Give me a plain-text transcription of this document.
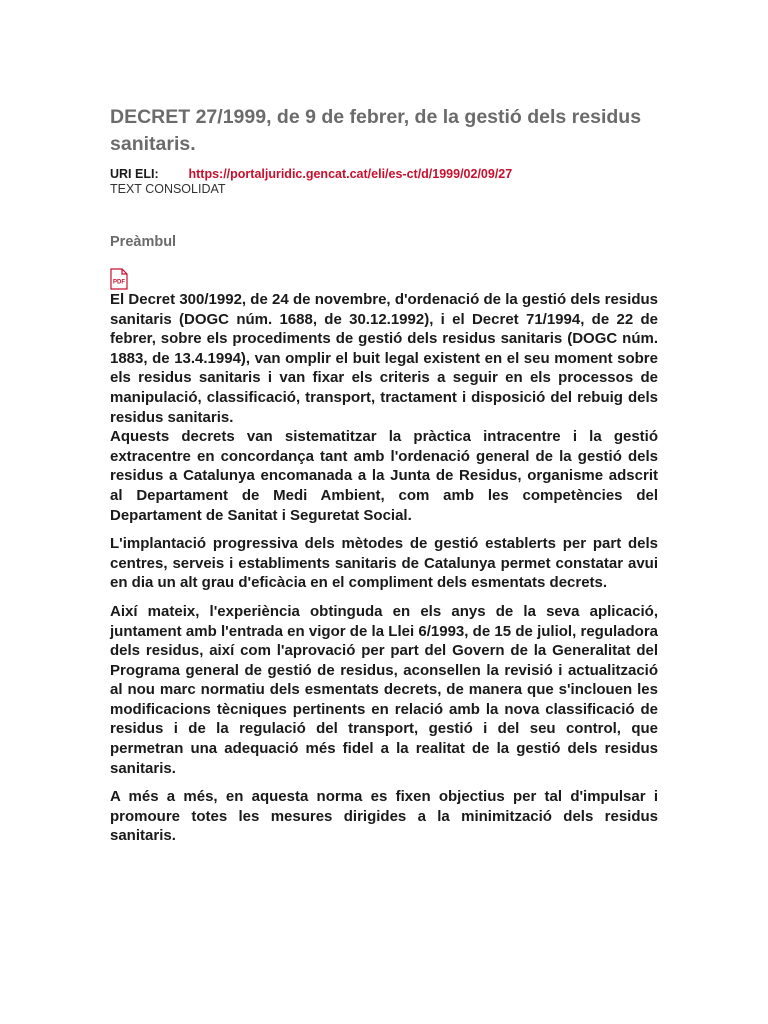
DECRET 27/1999, de 9 de febrer, de la gestió dels residus sanitaris.
URI ELI: https://portaljuridic.gencat.cat/eli/es-ct/d/1999/02/09/27
TEXT CONSOLIDAT
Preàmbul
PDF

El Decret 300/1992, de 24 de novembre, d'ordenació de la gestió dels residus sanitaris (DOGC núm. 1688, de 30.12.1992), i el Decret 71/1994, de 22 de febrer, sobre els procediments de gestió dels residus sanitaris (DOGC núm. 1883, de 13.4.1994), van omplir el buit legal existent en el seu moment sobre els residus sanitaris i van fixar els criteris a seguir en els processos de manipulació, classificació, transport, tractament i disposició del rebuig dels residus sanitaris.

Aquests decrets van sistematitzar la pràctica intracentre i la gestió extracentre en concordança tant amb l'ordenació general de la gestió dels residus a Catalunya encomanada a la Junta de Residus, organisme adscrit al Departament de Medi Ambient, com amb les competències del Departament de Sanitat i Seguretat Social.

L'implantació progressiva dels mètodes de gestió establerts per part dels centres, serveis i establiments sanitaris de Catalunya permet constatar avui en dia un alt grau d'eficàcia en el compliment dels esmentats decrets.

Així mateix, l'experiència obtinguda en els anys de la seva aplicació, juntament amb l'entrada en vigor de la Llei 6/1993, de 15 de juliol, reguladora dels residus, així com l'aprovació per part del Govern de la Generalitat del Programa general de gestió de residus, aconsellen la revisió i actualització al nou marc normatiu dels esmentats decrets, de manera que s'inclouen les modificacions tècniques pertinents en relació amb la nova classificació de residus i de la regulació del transport, gestió i del seu control, que permetran una adequació més fidel a la realitat de la gestió dels residus sanitaris.

A més a més, en aquesta norma es fixen objectius per tal d'impulsar i promoure totes les mesures dirigides a la minimització dels residus sanitaris.
